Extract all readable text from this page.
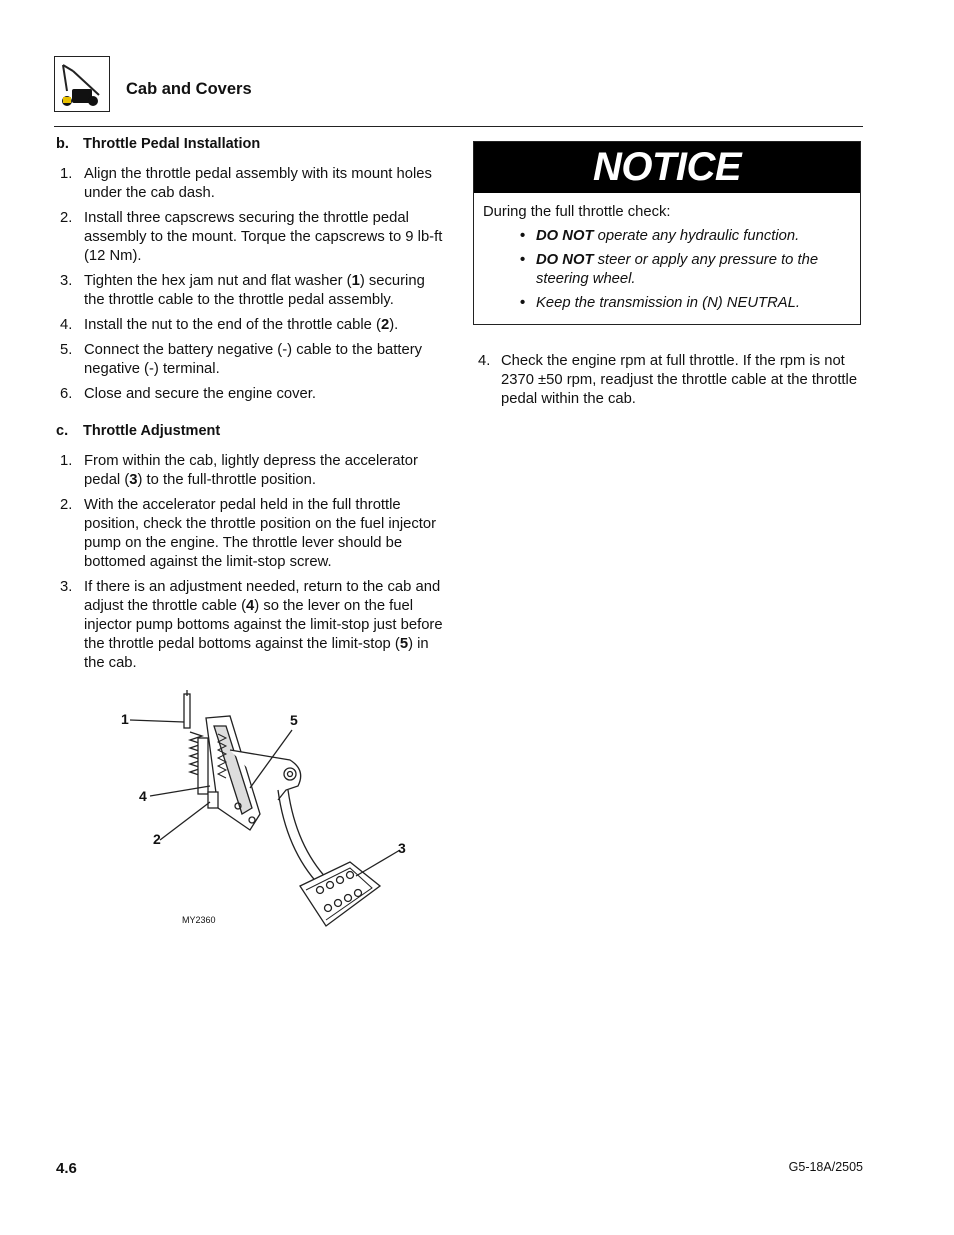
Cab and Covers
b. Throttle Pedal Installation
1. Align the throttle pedal assembly with its mount holes under the cab dash.
2. Install three capscrews securing the throttle pedal assembly to the mount. Torque the capscrews to 9 lb-ft (12 Nm).
3. Tighten the hex jam nut and flat washer (1) securing the throttle cable to the throttle pedal assembly.
4. Install the nut to the end of the throttle cable (2).
5. Connect the battery negative (-) cable to the battery negative (-) terminal.
6. Close and secure the engine cover.
c.	Throttle Adjustment
1. From within the cab, lightly depress the accelerator pedal (3) to the full-throttle position.
2. With the accelerator pedal held in the full throttle position, check the throttle position on the fuel injector pump on the engine. The throttle lever should be bottomed against the limit-stop screw.
3. If there is an adjustment needed, return to the cab and adjust the throttle cable (4) so the lever on the fuel injector pump bottoms against the limit-stop just before the throttle pedal bottoms against the limit-stop (5) in the cab.
NOTICE
During the full throttle check:
• DO NOT operate any hydraulic function.
• DO NOT steer or apply any pressure to the steering wheel.
• Keep the transmission in (N) NEUTRAL.
4. Check the engine rpm at full throttle. If the rpm is not 2370 ±50 rpm, readjust the throttle cable at the throttle pedal within the cab.
1	5
4
2
3
MY2360
4.6	G5-18A/2505
